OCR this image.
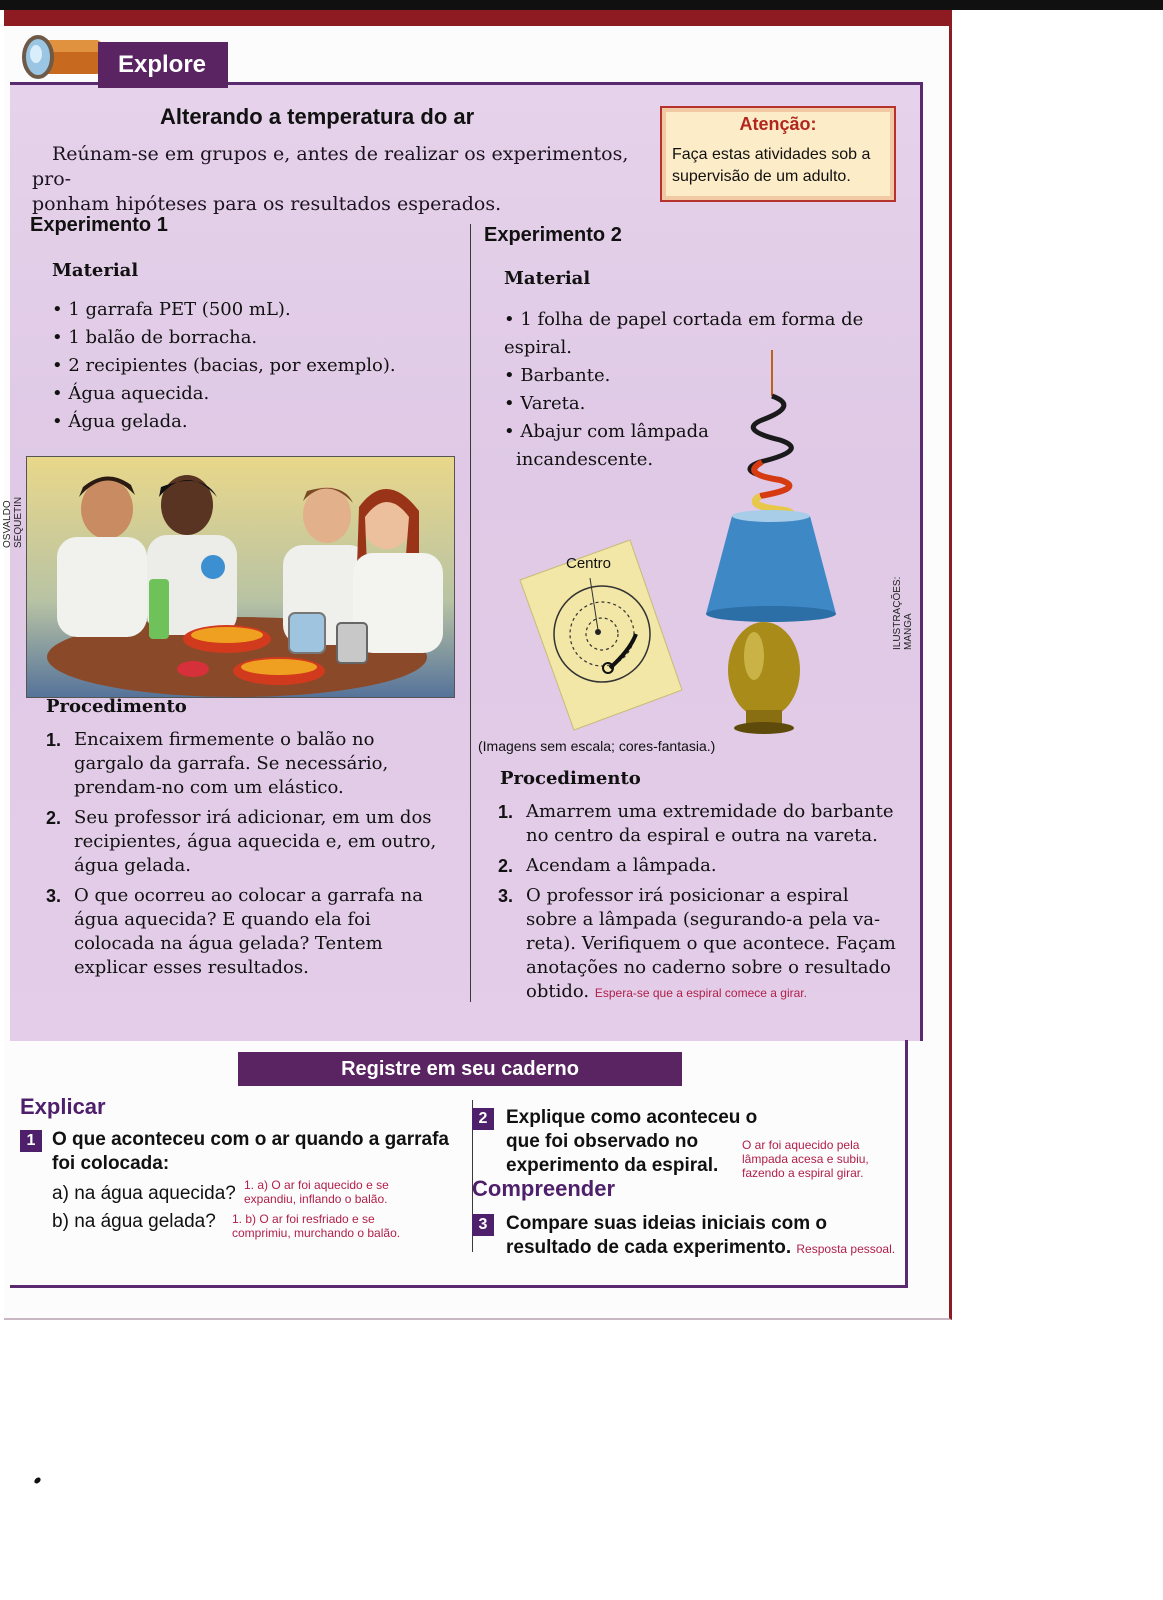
Explore
Alterando a temperatura do ar
Reúnam-se em grupos e, antes de realizar os experimentos, pro-
ponham hipóteses para os resultados esperados.
Atenção:
Faça estas atividades sob a supervisão de um adulto.
Experimento 1
Material
• 1 garrafa PET (500 mL).
• 1 balão de borracha.
• 2 recipientes (bacias, por exemplo).
• Água aquecida.
• Água gelada.
OSVALDO SEQUETIN
Procedimento
1. Encaixem firmemente o balão no gargalo da garrafa. Se necessário, prendam-no com um elástico.
2. Seu professor irá adicionar, em um dos recipientes, água aquecida e, em outro, água gelada.
3. O que ocorreu ao colocar a garrafa na água aquecida? E quando ela foi colocada na água gelada? Tentem explicar esses resultados.
Experimento 2
Material
• 1 folha de papel cortada em forma de espiral.
• Barbante.
• Vareta.
• Abajur com lâmpada incandescente.
Centro
ILUSTRAÇÕES: MANGA
(Imagens sem escala; cores-fantasia.)
Procedimento
1. Amarrem uma extremidade do barbante no centro da espiral e outra na vareta.
2. Acendam a lâmpada.
3. O professor irá posicionar a espiral sobre a lâmpada (segurando-a pela va-reta). Verifiquem o que acontece. Façam anotações no caderno sobre o resultado obtido. Espera-se que a espiral comece a girar.
Registre em seu caderno
Explicar
1 O que aconteceu com o ar quando a garrafa foi colocada:
a) na água aquecida? 1. a) O ar foi aquecido e se expandiu, inflando o balão.
b) na água gelada?	1. b) O ar foi resfriado e se comprimiu, murchando o balão.
2 Explique como aconteceu o que foi observado no experimento da espiral.
O ar foi aquecido pela lâmpada acesa e subiu, fazendo a espiral girar.
Compreender
3 Compare suas ideias iniciais com o resultado de cada experimento. Resposta pessoal.
